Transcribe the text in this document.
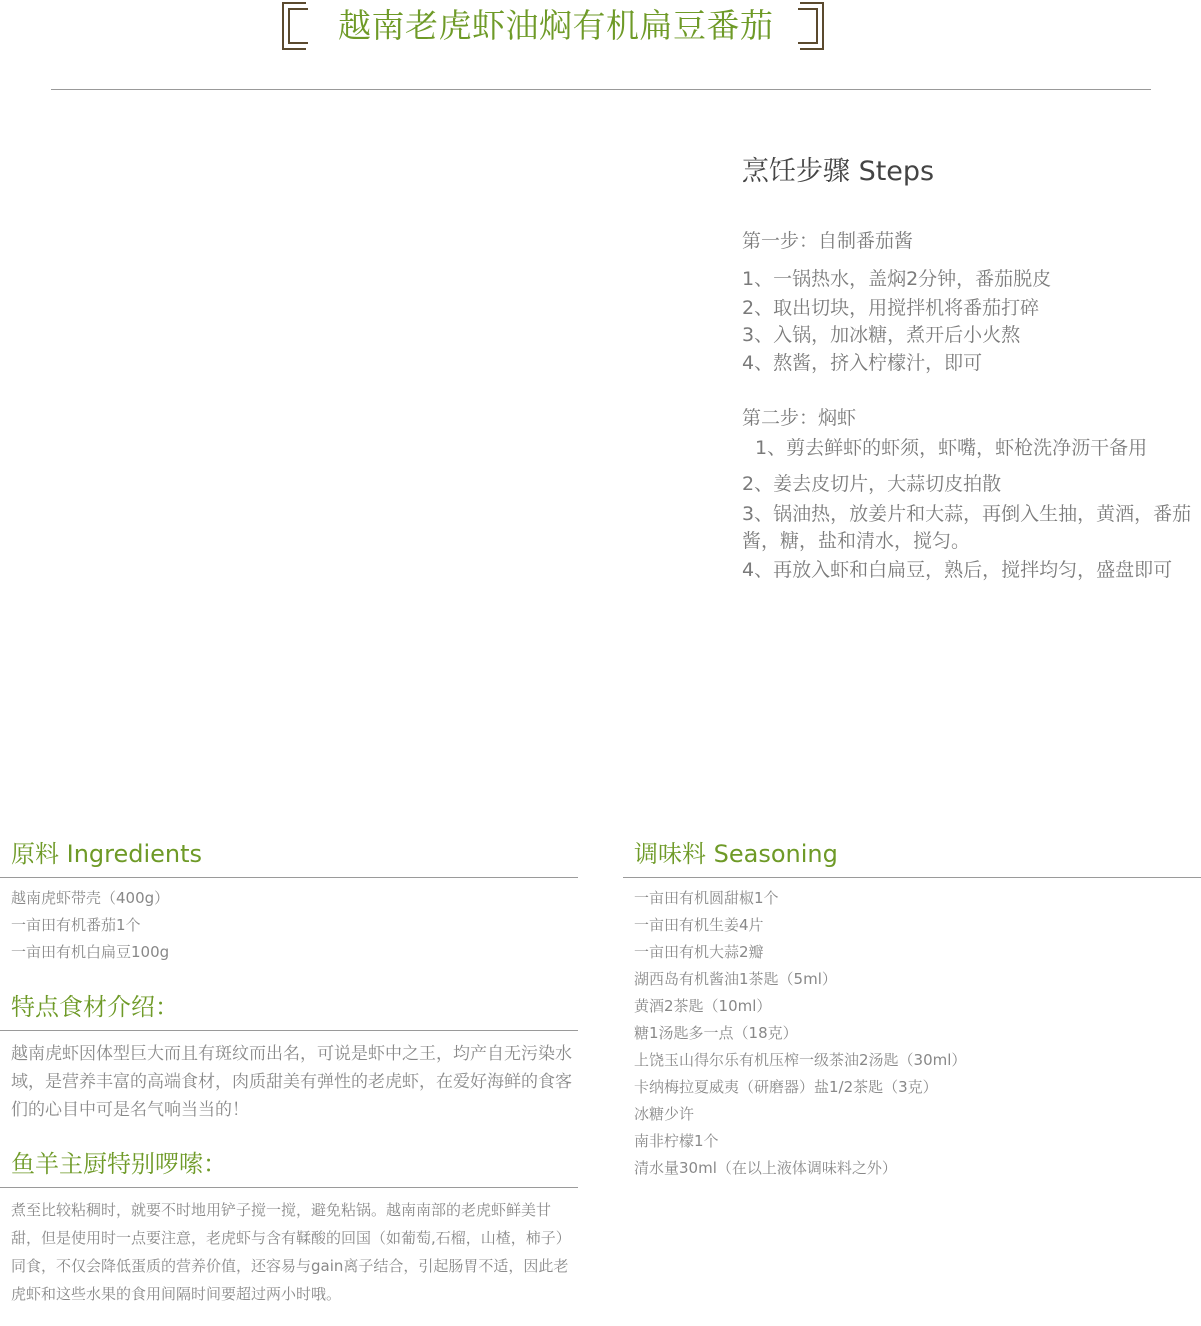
越南老虎虾油焖有机扁豆番茄
烹饪步骤 Steps
第一步：自制番茄酱
1、一锅热水，盖焖2分钟，番茄脱皮
2、取出切块，用搅拌机将番茄打碎
3、入锅，加冰糖，煮开后小火熬
4、熬酱，挤入柠檬汁，即可
第二步：焖虾
1、剪去鲜虾的虾须，虾嘴，虾枪洗净沥干备用
2、姜去皮切片，大蒜切皮拍散
3、锅油热，放姜片和大蒜，再倒入生抽，黄酒，番茄酱，糖，盐和清水，搅匀。
4、再放入虾和白扁豆，熟后，搅拌均匀，盛盘即可
原料 Ingredients
越南虎虾带壳（400g）
一亩田有机番茄1个
一亩田有机白扁豆100g
特点食材介绍：
越南虎虾因体型巨大而且有斑纹而出名，可说是虾中之王，均产自无污染水域，是营养丰富的高端食材，肉质甜美有弹性的老虎虾，在爱好海鲜的食客们的心目中可是名气响当当的！
鱼羊主厨特别啰嗦：
煮至比较粘稠时，就要不时地用铲子搅一搅，避免粘锅。越南南部的老虎虾鲜美甘甜，但是使用时一点要注意，老虎虾与含有鞣酸的回国（如葡萄,石榴，山楂，柿子）同食，不仅会降低蛋质的营养价值，还容易与gain离子结合，引起肠胃不适，因此老虎虾和这些水果的食用间隔时间要超过两小时哦。
调味料 Seasoning
一亩田有机圆甜椒1个
一亩田有机生姜4片
一亩田有机大蒜2瓣
湖西岛有机酱油1茶匙（5ml）
黄酒2茶匙（10ml）
糖1汤匙多一点（18克）
上饶玉山得尔乐有机压榨一级茶油2汤匙（30ml）
卡纳梅拉夏威夷（研磨器）盐1/2茶匙（3克）
冰糖少许
南非柠檬1个
清水量30ml（在以上液体调味料之外）
